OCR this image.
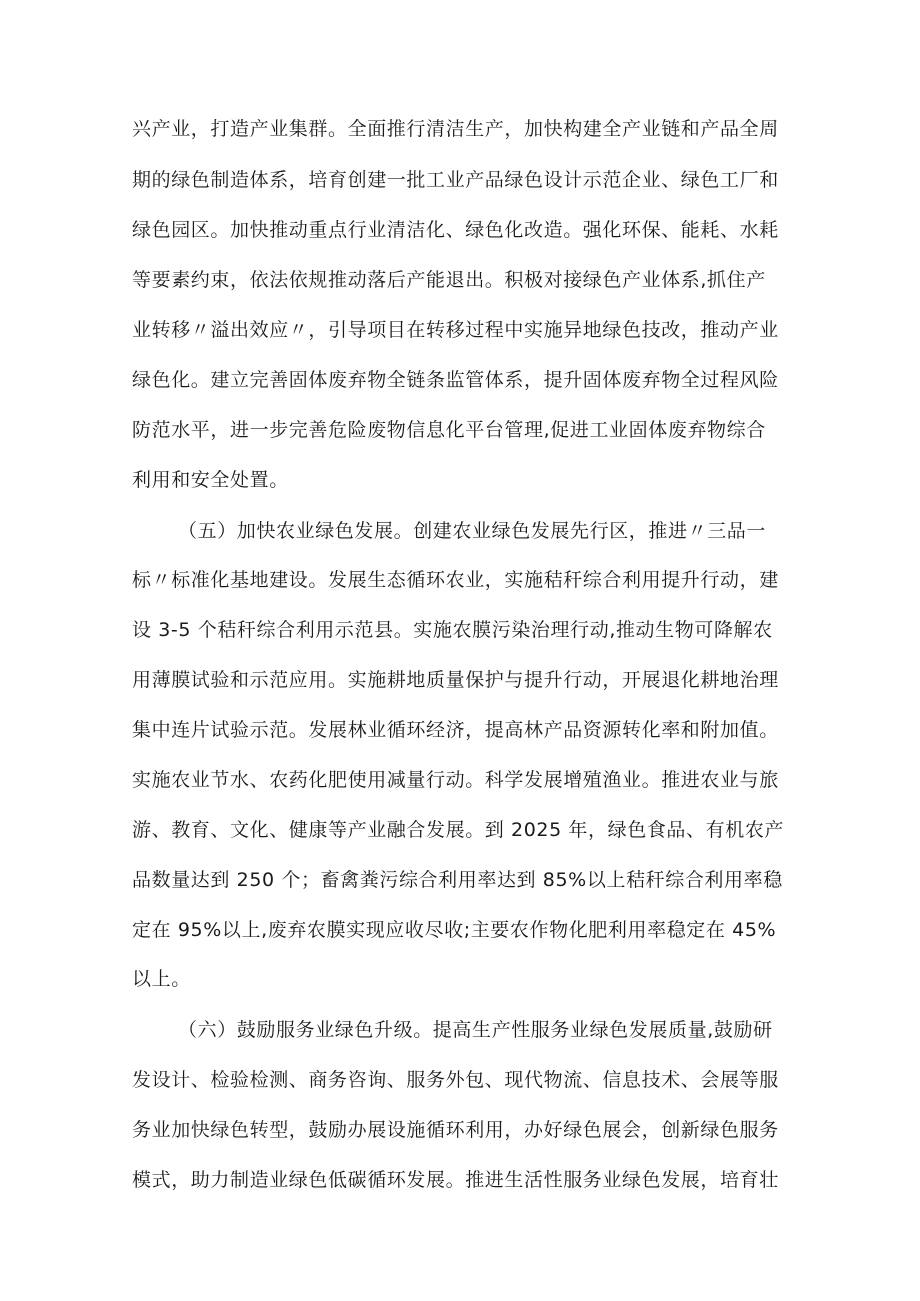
兴产业，打造产业集群。全面推行清洁生产，加快构建全产业链和产品全周
期的绿色制造体系，培育创建一批工业产品绿色设计示范企业、绿色工厂和
绿色园区。加快推动重点行业清洁化、绿色化改造。强化环保、能耗、水耗
等要素约束，依法依规推动落后产能退出。积极对接绿色产业体系,抓住产
业转移〃溢出效应〃，引导项目在转移过程中实施异地绿色技改，推动产业
绿色化。建立完善固体废弃物全链条监管体系，提升固体废弃物全过程风险
防范水平，进一步完善危险废物信息化平台管理,促进工业固体废弃物综合
利用和安全处置。
（五）加快农业绿色发展。创建农业绿色发展先行区，推进〃三品一
标〃标准化基地建设。发展生态循环农业，实施秸秆综合利用提升行动，建
设 3-5 个秸秆综合利用示范县。实施农膜污染治理行动,推动生物可降解农
用薄膜试验和示范应用。实施耕地质量保护与提升行动，开展退化耕地治理
集中连片试验示范。发展林业循环经济，提高林产品资源转化率和附加值。
实施农业节水、农药化肥使用减量行动。科学发展增殖渔业。推进农业与旅
游、教育、文化、健康等产业融合发展。到 2025 年，绿色食品、有机农产
品数量达到 250 个；畜禽粪污综合利用率达到 85%以上秸秆综合利用率稳
定在 95%以上,废弃农膜实现应收尽收;主要农作物化肥利用率稳定在 45%
以上。
（六）鼓励服务业绿色升级。提高生产性服务业绿色发展质量,鼓励研
发设计、检验检测、商务咨询、服务外包、现代物流、信息技术、会展等服
务业加快绿色转型，鼓励办展设施循环利用，办好绿色展会，创新绿色服务
模式，助力制造业绿色低碳循环发展。推进生活性服务业绿色发展，培育壮
